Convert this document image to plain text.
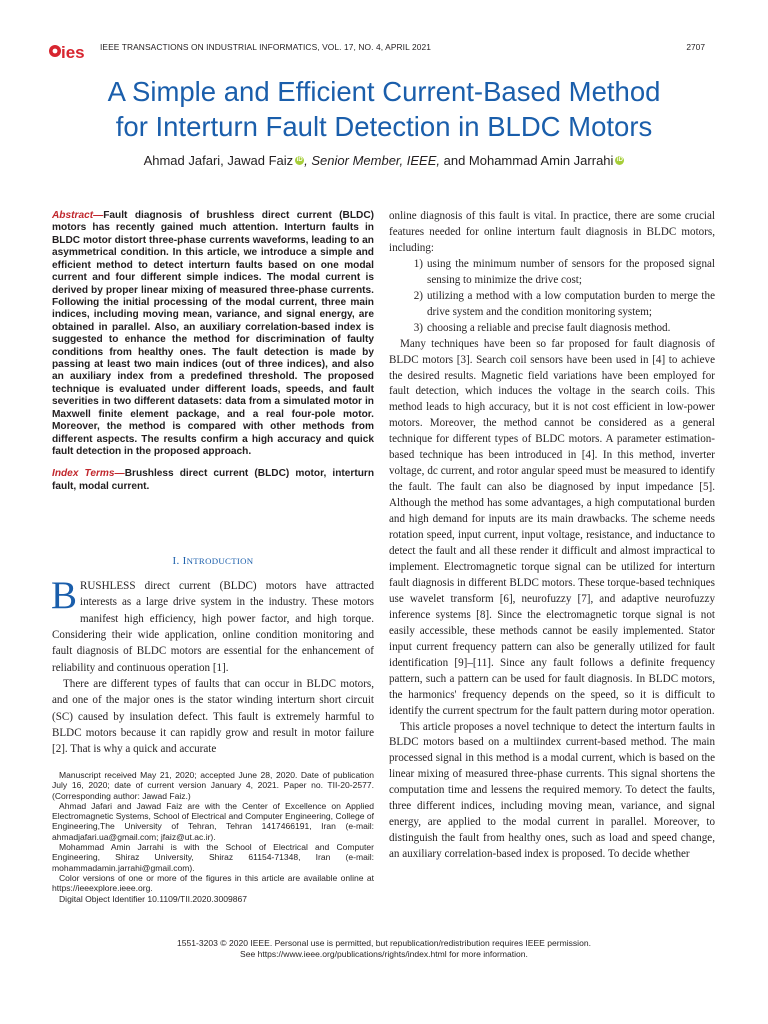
ies IEEE TRANSACTIONS ON INDUSTRIAL INFORMATICS, VOL. 17, NO. 4, APRIL 2021	2707
A Simple and Efficient Current-Based Method
for Interturn Fault Detection in BLDC Motors
Ahmad Jafari, Jawad Faiz iD , Senior Member, IEEE, and Mohammad Amin Jarrahi iD

Abstract—Fault diagnosis of brushless direct current (BLDC) motors has recently gained much attention. Interturn faults in BLDC motor distort three-phase currents waveforms, leading to an asymmetrical condition. In this article, we introduce a simple and efficient method to detect interturn faults based on one modal current and four different simple indices. The modal current is derived by proper linear mixing of measured three-phase currents. Following the initial processing of the modal current, three main indices, including moving mean, variance, and signal energy, are obtained in parallel. Also, an auxiliary correlation-based index is suggested to enhance the method for discrimination of faulty conditions from healthy ones. The fault detection is made by passing at least two main indices (out of three indices), and also an auxiliary index from a predefined threshold. The proposed technique is evaluated under different loads, speeds, and fault severities in two different datasets: data from a simulated motor in Maxwell finite element package, and a real four-pole motor. Moreover, the method is compared with other methods from different aspects. The results confirm a high accuracy and quick fault detection in the proposed approach.

Index Terms—Brushless direct current (BLDC) motor, interturn fault, modal current.

I. INTRODUCTION

BRUSHLESS direct current (BLDC) motors have attracted interests as a large drive system in the industry. These motors manifest high efficiency, high power factor, and high torque. Considering their wide application, online condition monitoring and fault diagnosis of BLDC motors are essential for the enhancement of reliability and continuous operation [1].

There are different types of faults that can occur in BLDC motors, and one of the major ones is the stator winding interturn short circuit (SC) caused by insulation defect. This fault is extremely harmful to BLDC motors because it can rapidly grow and result in motor failure [2]. That is why a quick and accurate

Manuscript received May 21, 2020; accepted June 28, 2020. Date of publication July 16, 2020; date of current version January 4, 2021. Paper no. TII-20-2577. (Corresponding author: Jawad Faiz.)

Ahmad Jafari and Jawad Faiz are with the Center of Excellence on Applied Electromagnetic Systems, School of Electrical and Computer Engineering, College of Engineering,The University of Tehran, Tehran 1417466191, Iran (e-mail: ahmadjafari.ua@gmail.com; jfaiz@ut.ac.ir).

Mohammad Amin Jarrahi is with the School of Electrical and Computer Engineering, Shiraz University, Shiraz 61154-71348, Iran (e-mail: mohammadamin.jarrahi@gmail.com).

Color versions of one or more of the figures in this article are available online at https://ieeexplore.ieee.org.

Digital Object Identifier 10.1109/TII.2020.3009867

online diagnosis of this fault is vital. In practice, there are some crucial features needed for online interturn fault diagnosis in BLDC motors, including:

1) using the minimum number of sensors for the proposed signal sensing to minimize the drive cost;
2) utilizing a method with a low computation burden to merge the drive system and the condition monitoring system;
3) choosing a reliable and precise fault diagnosis method.

Many techniques have been so far proposed for fault diagnosis of BLDC motors [3]. Search coil sensors have been used in [4] to achieve the desired results. Magnetic field variations have been employed for fault detection, which induces the voltage in the search coils. This method leads to high accuracy, but it is not cost efficient in low-power motors. Moreover, the method cannot be considered as a general technique for different types of BLDC motors. A parameter estimation-based technique has been introduced in [4]. In this method, inverter voltage, dc current, and rotor angular speed must be measured to identify the fault. The fault can also be diagnosed by input impedance [5]. Although the method has some advantages, a high computational burden and high demand for inputs are its main drawbacks. The scheme needs rotation speed, input current, input voltage, resistance, and inductance to detect the fault and all these render it difficult and almost impractical to implement. Electromagnetic torque signal can be utilized for interturn fault diagnosis in different BLDC motors. These torque-based techniques use wavelet transform [6], neurofuzzy [7], and adaptive neurofuzzy inference systems [8]. Since the electromagnetic torque signal is not easily accessible, these methods cannot be easily implemented. Stator input current frequency pattern can also be generally utilized for fault identification [9]–[11]. Since any fault follows a definite frequency pattern, such a pattern can be used for fault diagnosis. In BLDC motors, the harmonics' frequency depends on the speed, so it is difficult to identify the current spectrum for the fault pattern during motor operation.

This article proposes a novel technique to detect the interturn faults in BLDC motors based on a multiindex current-based method. The main processed signal in this method is a modal current, which is based on the linear mixing of measured three-phase currents. This signal shortens the computation time and lessens the required memory. To detect the faults, three different indices, including moving mean, variance, and signal energy, are applied to the modal current in parallel. Moreover, to distinguish the fault from healthy ones, such as load and speed change, an auxiliary correlation-based index is proposed. To decide whether

1551-3203 © 2020 IEEE. Personal use is permitted, but republication/redistribution requires IEEE permission.
See https://www.ieee.org/publications/rights/index.html for more information.
